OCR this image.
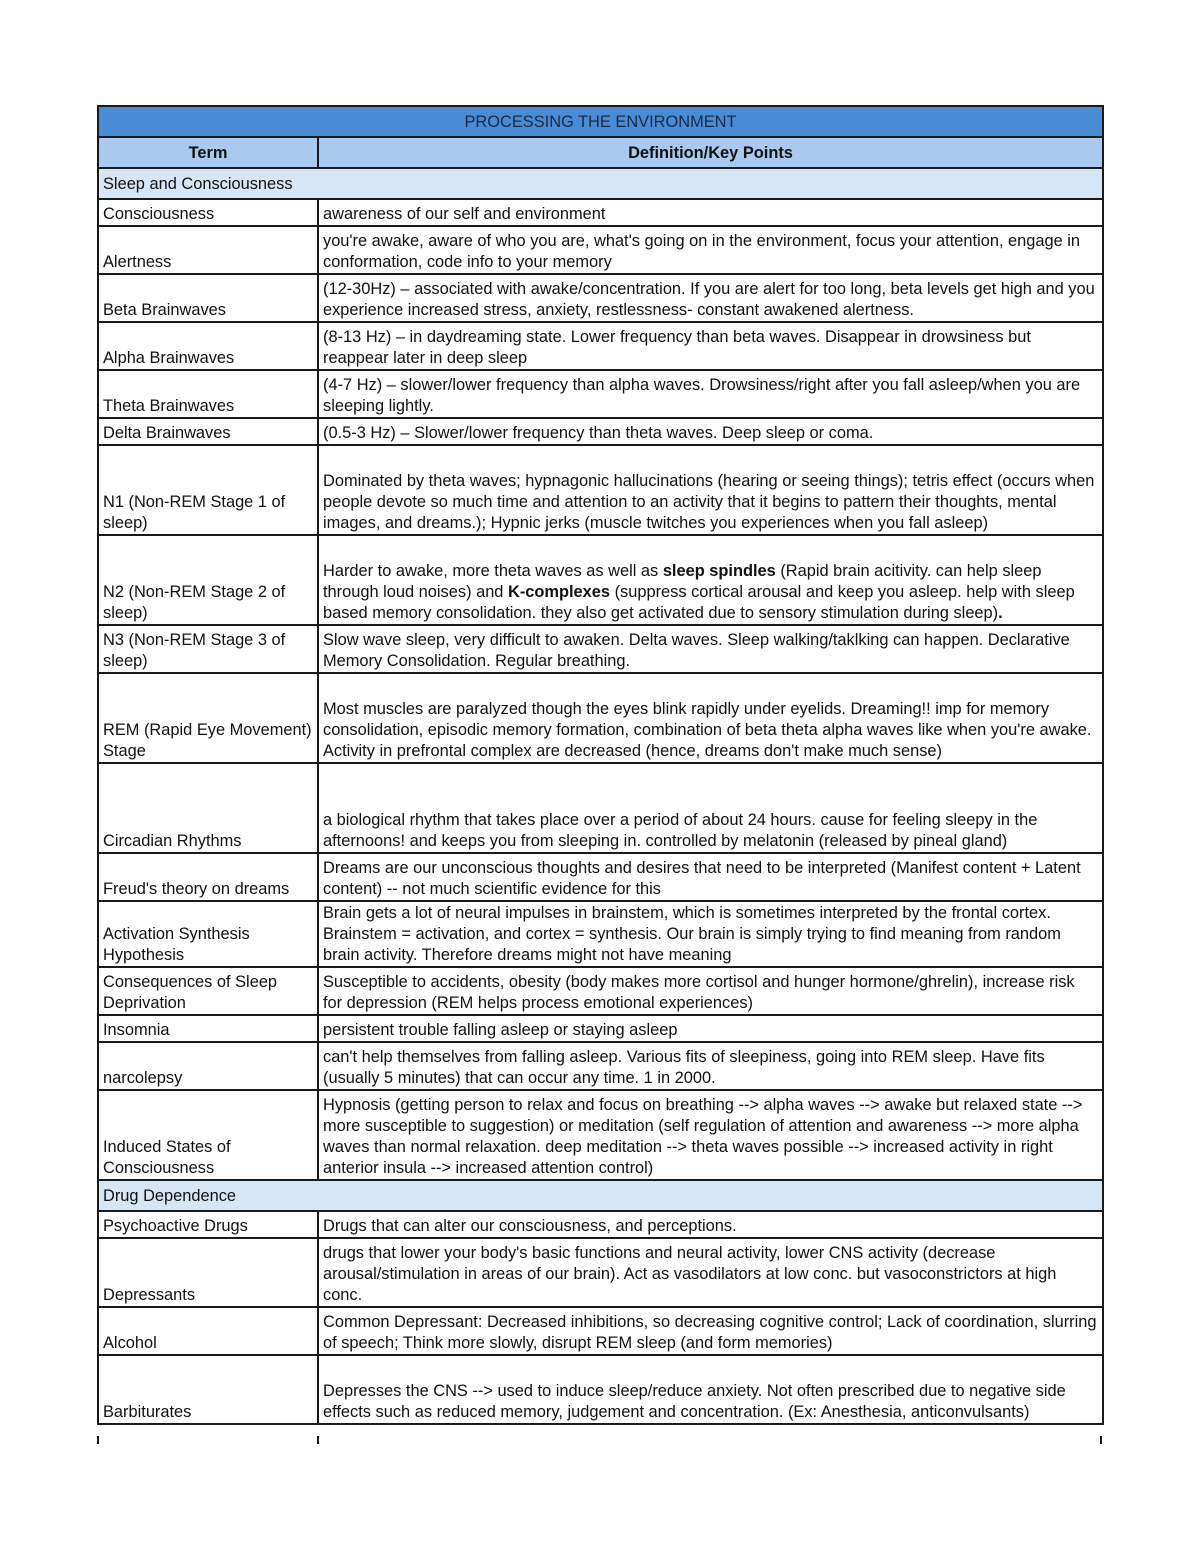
PROCESSING THE ENVIRONMENT	
Term	Definition/Key Points
Sleep and Consciousness	
Consciousness	awareness of our self and environment
Alertness	you're awake, aware of who you are, what's going on in the environment, focus your attention, engage in conformation, code info to your memory
Beta Brainwaves	(12-30Hz) – associated with awake/concentration. If you are alert for too long, beta levels get high and you experience increased stress, anxiety, restlessness- constant awakened alertness.
Alpha Brainwaves	(8-13 Hz) – in daydreaming state. Lower frequency than beta waves. Disappear in drowsiness but reappear later in deep sleep
Theta Brainwaves	(4-7 Hz) – slower/lower frequency than alpha waves. Drowsiness/right after you fall asleep/when you are sleeping lightly.
Delta Brainwaves	(0.5-3 Hz) – Slower/lower frequency than theta waves. Deep sleep or coma.
N1 (Non-REM Stage 1 of sleep)	Dominated by theta waves; hypnagonic hallucinations (hearing or seeing things); tetris effect (occurs when people devote so much time and attention to an activity that it begins to pattern their thoughts, mental images, and dreams.); Hypnic jerks (muscle twitches you experiences when you fall asleep)
N2 (Non-REM Stage 2 of sleep)	Harder to awake, more theta waves as well as sleep spindles (Rapid brain acitivity. can help sleep through loud noises) and K-complexes (suppress cortical arousal and keep you asleep. help with sleep based memory consolidation. they also get activated due to sensory stimulation during sleep).
N3 (Non-REM Stage 3 of sleep)	Slow wave sleep, very difficult to awaken. Delta waves. Sleep walking/taklking can happen. Declarative Memory Consolidation. Regular breathing.
REM (Rapid Eye Movement) Stage	Most muscles are paralyzed though the eyes blink rapidly under eyelids. Dreaming!! imp for memory consolidation, episodic memory formation, combination of beta theta alpha waves like when you're awake. Activity in prefrontal complex are decreased (hence, dreams don't make much sense)
Circadian Rhythms	a biological rhythm that takes place over a period of about 24 hours. cause for feeling sleepy in the afternoons! and keeps you from sleeping in. controlled by melatonin (released by pineal gland)
Freud's theory on dreams	Dreams are our unconscious thoughts and desires that need to be interpreted (Manifest content + Latent content) -- not much scientific evidence for this
Activation Synthesis Hypothesis	Brain gets a lot of neural impulses in brainstem, which is sometimes interpreted by the frontal cortex. Brainstem = activation, and cortex = synthesis. Our brain is simply trying to find meaning from random brain activity. Therefore dreams might not have meaning
Consequences of Sleep Deprivation	Susceptible to accidents, obesity (body makes more cortisol and hunger hormone/ghrelin), increase risk for depression (REM helps process emotional experiences)
Insomnia	persistent trouble falling asleep or staying asleep
narcolepsy	can't help themselves from falling asleep. Various fits of sleepiness, going into REM sleep. Have fits (usually 5 minutes) that can occur any time. 1 in 2000.
Induced States of Consciousness	Hypnosis (getting person to relax and focus on breathing --> alpha waves --> awake but relaxed state --> more susceptible to suggestion) or meditation (self regulation of attention and awareness --> more alpha waves than normal relaxation. deep meditation --> theta waves possible --> increased activity in right anterior insula --> increased attention control)
Drug Dependence	
Psychoactive Drugs	Drugs that can alter our consciousness, and perceptions.
Depressants	drugs that lower your body's basic functions and neural activity, lower CNS activity (decrease arousal/stimulation in areas of our brain). Act as vasodilators at low conc. but vasoconstrictors at high conc.
Alcohol	Common Depressant: Decreased inhibitions, so decreasing cognitive control; Lack of coordination, slurring of speech; Think more slowly, disrupt REM sleep (and form memories)
Barbiturates	Depresses the CNS --> used to induce sleep/reduce anxiety. Not often prescribed due to negative side effects such as reduced memory, judgement and concentration. (Ex: Anesthesia, anticonvulsants)
